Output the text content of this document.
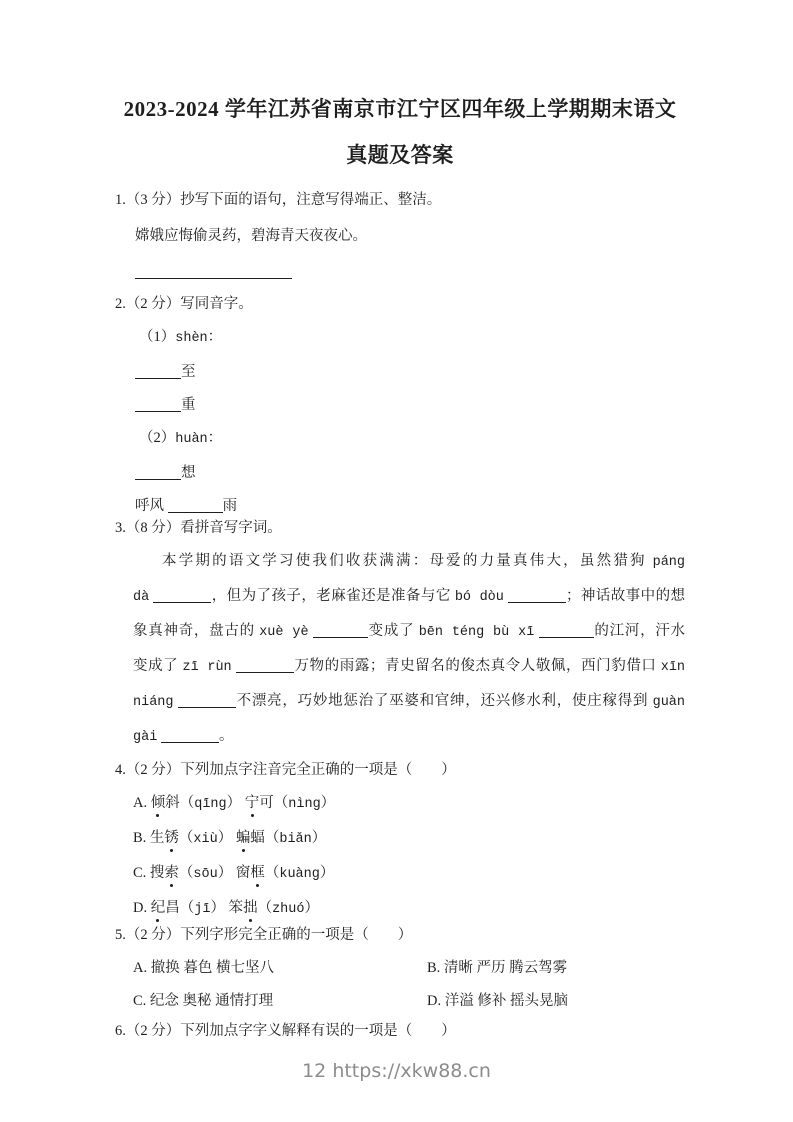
2023-2024 学年江苏省南京市江宁区四年级上学期期末语文
真题及答案
1.（3 分）抄写下面的语句，注意写得端正、整洁。
嫦娥应悔偷灵药，碧海青天夜夜心。
2.（2 分）写同音字。
（1）shèn：
至
重
（2）huàn：
想
呼风	雨
3.（8 分）看拼音写字词。
本学期的语文学习使我们收获满满：母爱的力量真伟大，虽然猎狗 páng
dà	，但为了孩子，老麻雀还是准备与它 bó dòu	；神话故事中的想
象真神奇，盘古的 xuè yè	变成了 bēn téng bù xī	的江河，汗水
变成了 zī rùn	万物的雨露；青史留名的俊杰真令人敬佩，西门豹借口 xīn
niáng	不漂亮，巧妙地惩治了巫婆和官绅，还兴修水利，使庄稼得到 guàn
gài	。
4.（2 分）下列加点字注音完全正确的一项是（　　）
A. 倾斜（qīng） 宁可（nìng）
B. 生锈（xiù） 蝙蝠（biǎn）
C. 搜索（sōu） 窗框（kuàng）
D. 纪昌（jī） 笨拙（zhuó）
5.（2 分）下列字形完全正确的一项是（　　）
A. 撤换 暮色 横七坚八	B. 清晰 严历 腾云驾雾
C. 纪念 奥秘 通情打理	D. 洋溢 修补 摇头晃脑
6.（2 分）下列加点字字义解释有误的一项是（　　）
12 https://xkw88.cn
